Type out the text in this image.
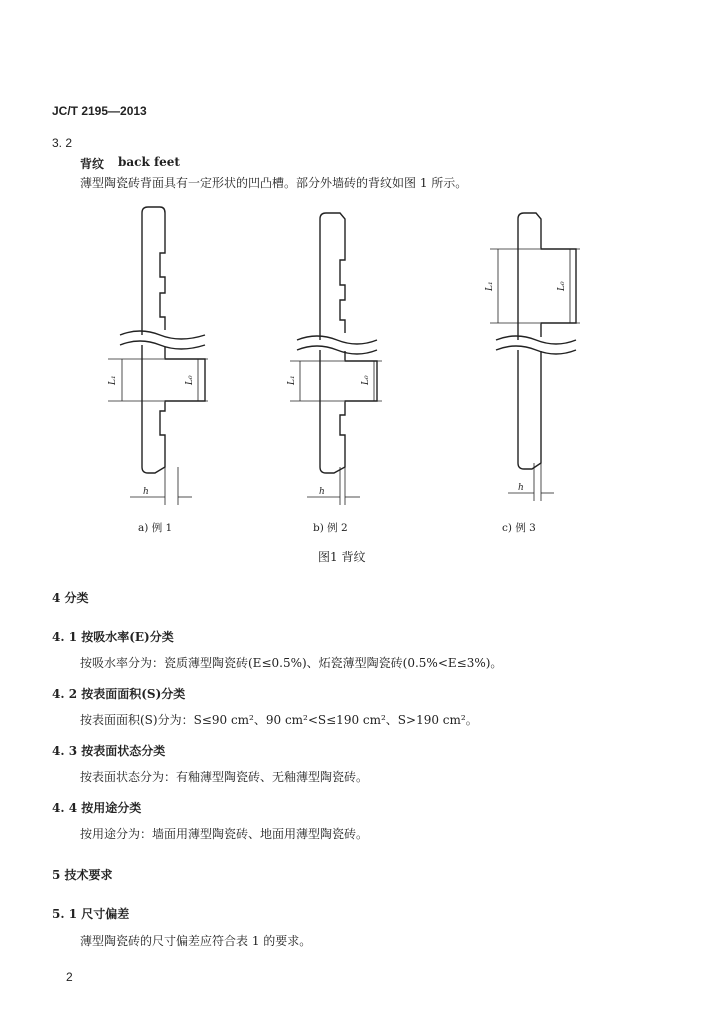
JC/T 2195—2013
3. 2
背纹 back feet
薄型陶瓷砖背面具有一定形状的凹凸槽。部分外墙砖的背纹如图 1 所示。
L₁	L₀
h
L₁	L₀
h
L₁	L₀
h
a) 例 1	b) 例 2	c) 例 3
图1 背纹
4 分类
4. 1 按吸水率(E)分类
按吸水率分为：瓷质薄型陶瓷砖(E≤0.5%)、炻瓷薄型陶瓷砖(0.5%<E≤3%)。
4. 2 按表面面积(S)分类
按表面面积(S)分为：S≤90 cm²、90 cm²<S≤190 cm²、S>190 cm²。
4. 3 按表面状态分类
按表面状态分为：有釉薄型陶瓷砖、无釉薄型陶瓷砖。
4. 4 按用途分类
按用途分为：墙面用薄型陶瓷砖、地面用薄型陶瓷砖。
5 技术要求
5. 1 尺寸偏差
薄型陶瓷砖的尺寸偏差应符合表 1 的要求。
2
